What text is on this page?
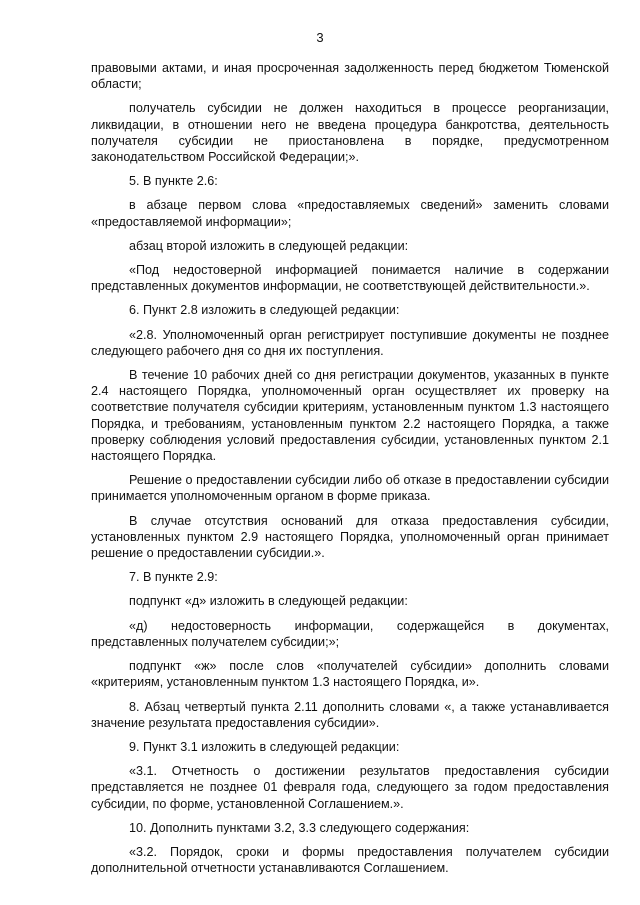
3

правовыми актами, и иная просроченная задолженность перед бюджетом Тюменской области;

получатель субсидии не должен находиться в процессе реорганизации, ликвидации, в отношении него не введена процедура банкротства, деятельность получателя субсидии не приостановлена в порядке, предусмотренном законодательством Российской Федерации;».

5. В пункте 2.6:

в абзаце первом слова «предоставляемых сведений» заменить словами «предоставляемой информации»;

абзац второй изложить в следующей редакции:

«Под недостоверной информацией понимается наличие в содержании представленных документов информации, не соответствующей действительности.».

6. Пункт 2.8 изложить в следующей редакции:

«2.8. Уполномоченный орган регистрирует поступившие документы не позднее следующего рабочего дня со дня их поступления.

В течение 10 рабочих дней со дня регистрации документов, указанных в пункте 2.4 настоящего Порядка, уполномоченный орган осуществляет их проверку на соответствие получателя субсидии критериям, установленным пунктом 1.3 настоящего Порядка, и требованиям, установленным пунктом 2.2 настоящего Порядка, а также проверку соблюдения условий предоставления субсидии, установленных пунктом 2.1 настоящего Порядка.

Решение о предоставлении субсидии либо об отказе в предоставлении субсидии принимается уполномоченным органом в форме приказа.

В случае отсутствия оснований для отказа предоставления субсидии, установленных пунктом 2.9 настоящего Порядка, уполномоченный орган принимает решение о предоставлении субсидии.».

7. В пункте 2.9:

подпункт «д» изложить в следующей редакции:

«д) недостоверность информации, содержащейся в документах, представленных получателем субсидии;»;

подпункт «ж» после слов «получателей субсидии» дополнить словами «критериям, установленным пунктом 1.3 настоящего Порядка, и».

8. Абзац четвертый пункта 2.11 дополнить словами «, а также устанавливается значение результата предоставления субсидии».

9. Пункт 3.1 изложить в следующей редакции:

«3.1. Отчетность о достижении результатов предоставления субсидии представляется не позднее 01 февраля года, следующего за годом предоставления субсидии, по форме, установленной Соглашением.».

10. Дополнить пунктами 3.2, 3.3 следующего содержания:

«3.2. Порядок, сроки и формы предоставления получателем субсидии дополнительной отчетности устанавливаются Соглашением.
